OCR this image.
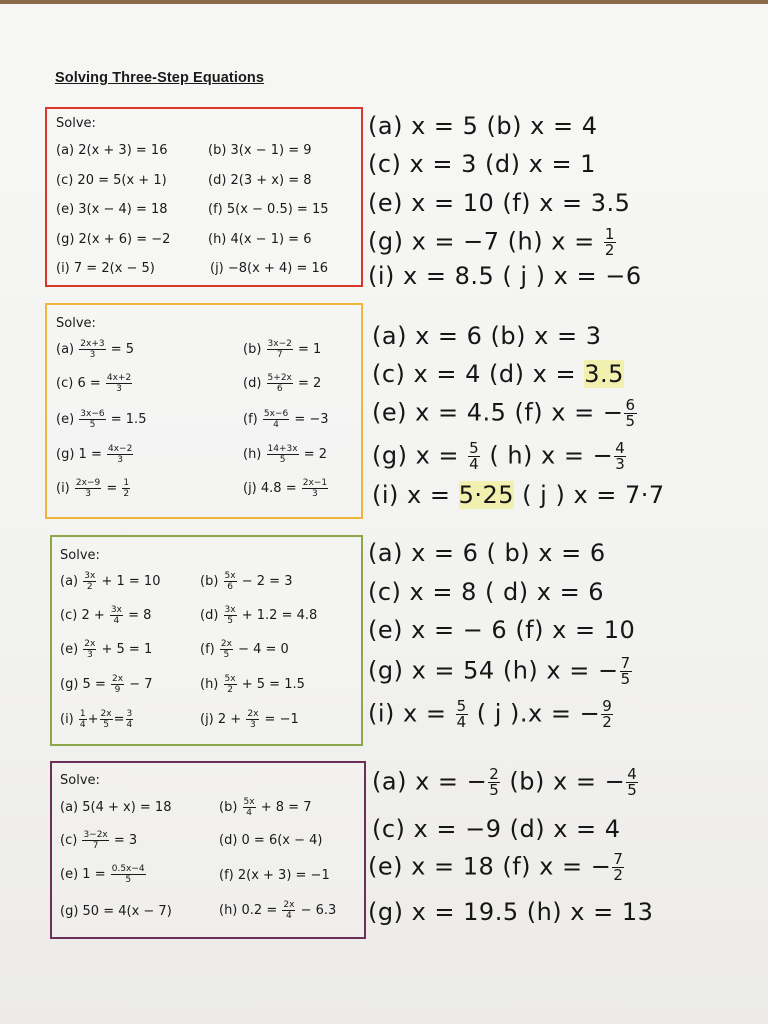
Solving Three-Step Equations
Solve:
(a) 2(x + 3) = 16	(b) 3(x − 1) = 9
(c) 20 = 5(x + 1)	(d) 2(3 + x) = 8
(e) 3(x − 4) = 18	(f) 5(x − 0.5) = 15
(g) 2(x + 6) = −2	(h) 4(x − 1) = 6
(i) 7 = 2(x − 5)	(j) −8(x + 4) = 16
(a) x = 5 (b) x = 4
(c) x = 3 (d) x = 1
(e) x = 10 (f) x = 3.5
(g) x = −7 (h) $x = \frac{1}{2}$
(i) x = 8.5 ( j ) x = −6
Solve:
$(a) \frac{2x+3}{3} = 5$	$(b) \frac{3x-2}{7} = 1$
(c) $6 = \frac{4x+2}{3}$	$(d) \frac{5+2x}{6} = 2$
$(e) \frac{3x-6}{5} = 1.5$	$(f) \frac{5x-6}{4} = -3$
(g) $1 = \frac{4x-2}{3}$	$(h) \frac{14+3x}{5} = 2$
$(i) \frac{2x-9}{3} = \frac{1}{2}$	(j) $4.8 = \frac{2x-1}{3}$
(a) x = 6 (b) x = 3
(c) x = 4 (d) x = 3.5
(e) x = 4.5 (f) x = − $\frac{6}{5}$
(g) $x = \frac{5}{4}$ ( h) x = − $\frac{4}{3}$
(i) x = 5·25 ( j ) x = 7·7
Solve:
$(a) \frac{3x}{2} + 1 = 10$	$(b) \frac{5x}{6} - 2 = 3$
(c) $2 + \frac{3x}{4} = 8$	$(d) \frac{3x}{5} + 1.2 = 4.8$
$(e) \frac{2x}{3} + 5 = 1$	$(f) \frac{2x}{5} - 4 = 0$
(g) $5 = \frac{2x}{9} - 7$	$(h) \frac{5x}{2} + 5 = 1.5$
$(i) \frac{1}{4} + \frac{2x}{5} = \frac{3}{4}$	(j) $2 + \frac{2x}{3} = -1$
(a) x = 6 ( b) x = 6
(c) x = 8 ( d) x = 6
(e) x = − 6 (f) x = 10
(g) x = 54 (h) x = − $\frac{7}{5}$
(i) $x = \frac{5}{4}$ ( j ).x = − $\frac{9}{2}$
Solve:
(a) 5(4 + x) = 18	$(b) \frac{5x}{4} + 8 = 7$
$(c) \frac{3-2x}{7} = 3$	(d) 0 = 6(x − 4)
(e) $1 = \frac{0.5x-4}{5}$	(f) 2(x + 3) = −1
(g) 50 = 4(x − 7)	(h) $0.2 = \frac{2x}{4} - 6.3$
(a) x = − $\frac{2}{5} (b) x$ = − $\frac{4}{5}$
(c) x = −9 (d) x = 4
(e) x = 18 (f) x = − $\frac{7}{2}$
(g) x = 19.5 (h) x = 13
